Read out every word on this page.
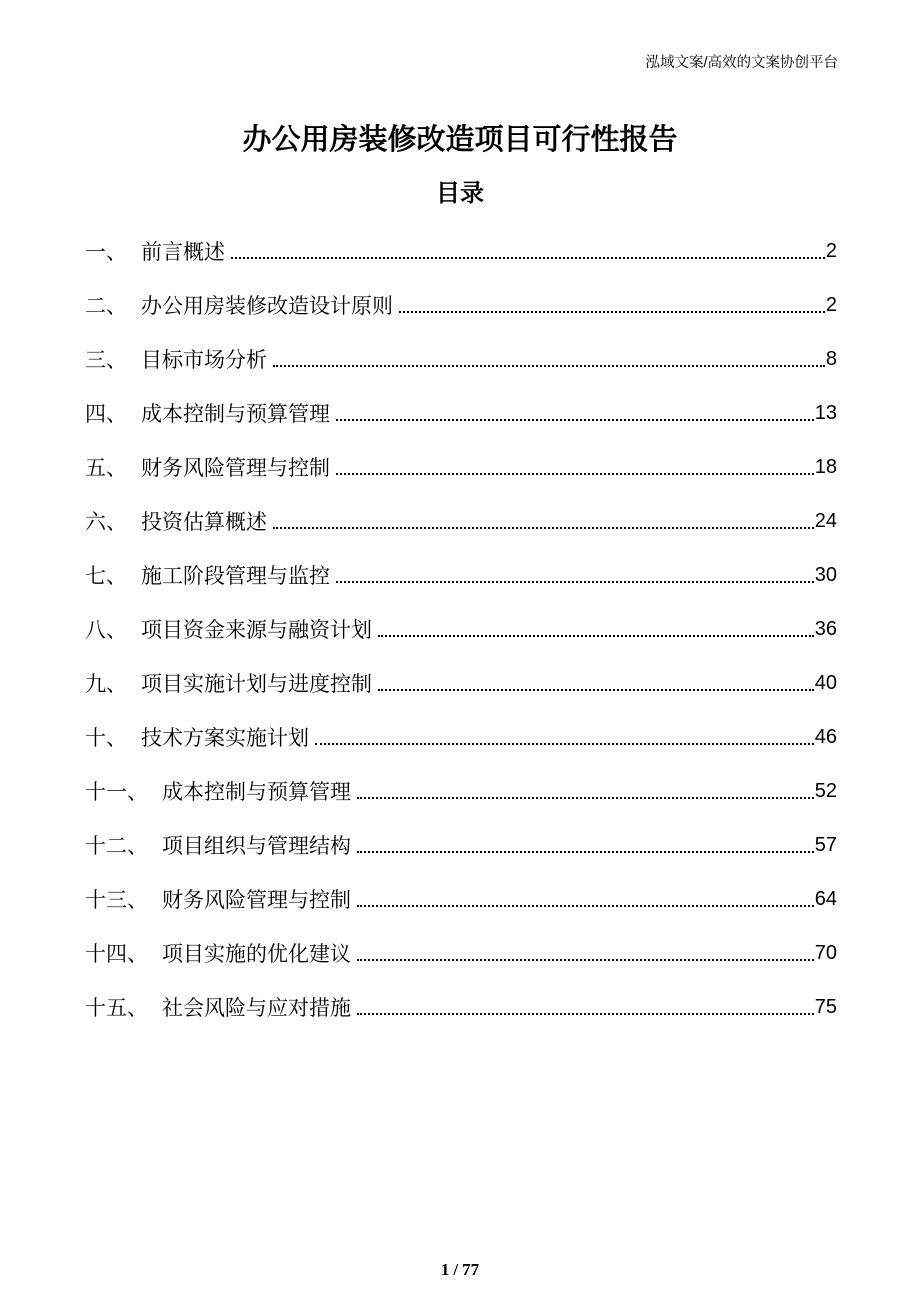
泓域文案/高效的文案协创平台
办公用房装修改造项目可行性报告
目录
一、 前言概述	2
二、 办公用房装修改造设计原则	2
三、 目标市场分析	8
四、 成本控制与预算管理	13
五、 财务风险管理与控制	18
六、 投资估算概述	24
七、 施工阶段管理与监控	30
八、 项目资金来源与融资计划	36
九、 项目实施计划与进度控制	40
十、 技术方案实施计划	46
十一、 成本控制与预算管理	52
十二、 项目组织与管理结构	57
十三、 财务风险管理与控制	64
十四、 项目实施的优化建议	70
十五、 社会风险与应对措施	75
1 / 77
